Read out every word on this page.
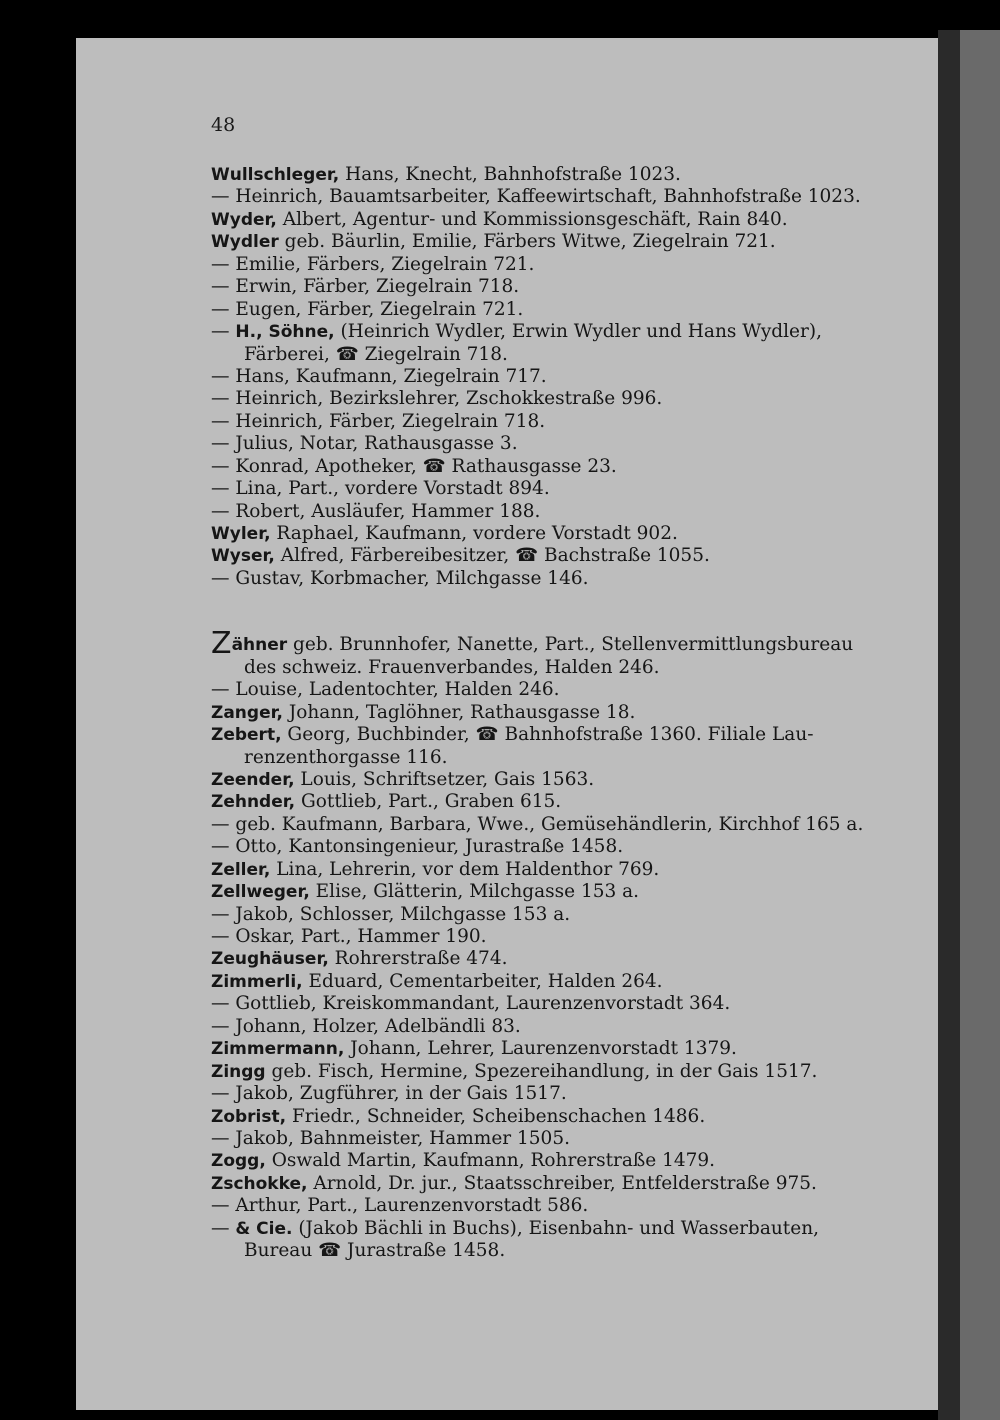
48

Wullschleger, Hans, Knecht, Bahnhofstraße 1023.
— Heinrich, Bauamtsarbeiter, Kaffeewirtschaft, Bahnhofstraße 1023.
Wyder, Albert, Agentur- und Kommissionsgeschäft, Rain 840.
Wydler geb. Bäurlin, Emilie, Färbers Witwe, Ziegelrain 721.
— Emilie, Färbers, Ziegelrain 721.
— Erwin, Färber, Ziegelrain 718.
— Eugen, Färber, Ziegelrain 721.
— H., Söhne, (Heinrich Wydler, Erwin Wydler und Hans Wydler),
Färberei, ☎ Ziegelrain 718.
— Hans, Kaufmann, Ziegelrain 717.
— Heinrich, Bezirkslehrer, Zschokkestraße 996.
— Heinrich, Färber, Ziegelrain 718.
— Julius, Notar, Rathausgasse 3.
— Konrad, Apotheker, ☎ Rathausgasse 23.
— Lina, Part., vordere Vorstadt 894.
— Robert, Ausläufer, Hammer 188.
Wyler, Raphael, Kaufmann, vordere Vorstadt 902.
Wyser, Alfred, Färbereibesitzer, ☎ Bachstraße 1055.
— Gustav, Korbmacher, Milchgasse 146.
Zähner geb. Brunnhofer, Nanette, Part., Stellenvermittlungsbureau
des schweiz. Frauenverbandes, Halden 246.
— Louise, Ladentochter, Halden 246.
Zanger, Johann, Taglöhner, Rathausgasse 18.
Zebert, Georg, Buchbinder, ☎ Bahnhofstraße 1360. Filiale Lau-
renzenthorgasse 116.
Zeender, Louis, Schriftsetzer, Gais 1563.
Zehnder, Gottlieb, Part., Graben 615.
— geb. Kaufmann, Barbara, Wwe., Gemüsehändlerin, Kirchhof 165 a.
— Otto, Kantonsingenieur, Jurastraße 1458.
Zeller, Lina, Lehrerin, vor dem Haldenthor 769.
Zellweger, Elise, Glätterin, Milchgasse 153 a.
— Jakob, Schlosser, Milchgasse 153 a.
— Oskar, Part., Hammer 190.
Zeughäuser, Rohrerstraße 474.
Zimmerli, Eduard, Cementarbeiter, Halden 264.
— Gottlieb, Kreiskommandant, Laurenzenvorstadt 364.
— Johann, Holzer, Adelbändli 83.
Zimmermann, Johann, Lehrer, Laurenzenvorstadt 1379.
Zingg geb. Fisch, Hermine, Spezereihandlung, in der Gais 1517.
— Jakob, Zugführer, in der Gais 1517.
Zobrist, Friedr., Schneider, Scheibenschachen 1486.
— Jakob, Bahnmeister, Hammer 1505.
Zogg, Oswald Martin, Kaufmann, Rohrerstraße 1479.
Zschokke, Arnold, Dr. jur., Staatsschreiber, Entfelderstraße 975.
— Arthur, Part., Laurenzenvorstadt 586.
— & Cie. (Jakob Bächli in Buchs), Eisenbahn- und Wasserbauten,
Bureau ☎ Jurastraße 1458.
